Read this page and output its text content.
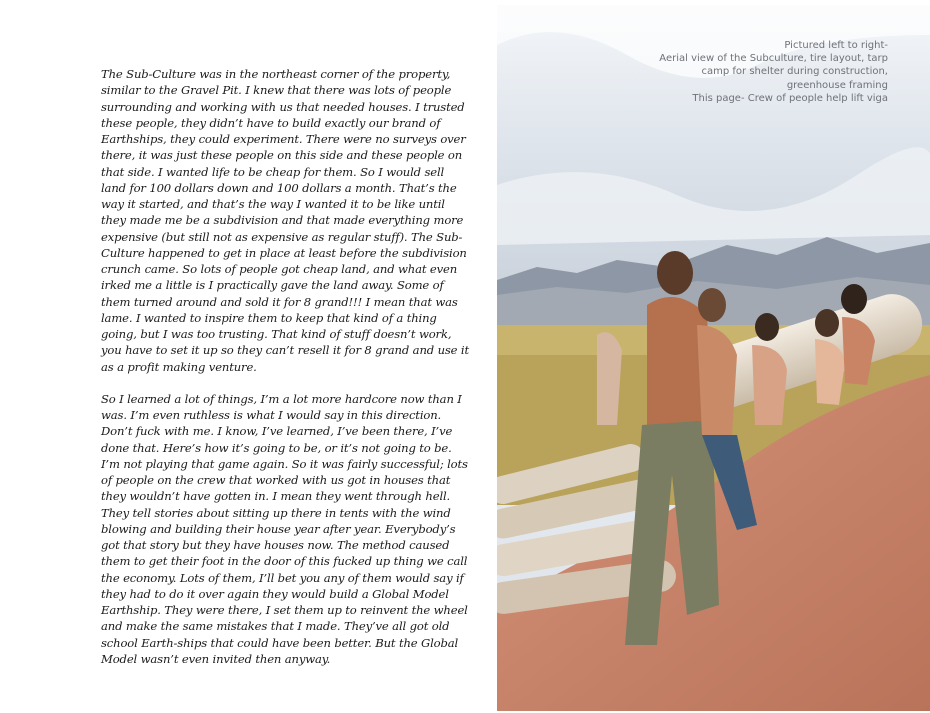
The Sub-Culture was in the northeast corner of the property, similar to the Gravel Pit. I knew that there was lots of people surrounding and working with us that needed houses. I trusted these people, they didn’t have to build exactly our brand of Earthships, they could experiment. There were no surveys over there, it was just these people on this side and these people on that side. I wanted life to be cheap for them. So I would sell land for 100 dollars down and 100 dollars a month. That’s the way it started, and that’s the way I wanted it to be like until they made me be a subdivision and that made everything more expensive (but still not as expensive as regular stuff). The Sub-Culture happened to get in place at least before the subdivision crunch came. So lots of people got cheap land, and what even irked me a little is I practically gave the land away. Some of them turned around and sold it for 8 grand!!! I mean that was lame. I wanted to inspire them to keep that kind of a thing going, but I was too trusting. That kind of stuff doesn’t work, you have to set it up so they can’t resell it for 8 grand and use it as a profit making venture.

So I learned a lot of things, I’m a lot more hardcore now than I was. I’m even ruthless is what I would say in this direction. Don’t fuck with me. I know, I’ve learned, I’ve been there, I’ve done that. Here’s how it’s going to be, or it’s not going to be. I’m not playing that game again. So it was fairly successful; lots of people on the crew that worked with us got in houses that they wouldn’t have gotten in. I mean they went through hell. They tell stories about sitting up there in tents with the wind blowing and building their house year after year. Everybody’s got that story but they have houses now. The method caused them to get their foot in the door of this fucked up thing we call the economy. Lots of them, I’ll bet you any of them would say if they had to do it over again they would build a Global Model Earthship. They were there, I set them up to reinvent the wheel and make the same mistakes that I made. They’ve all got old school Earth-ships that could have been better. But the Global Model wasn’t even invited then anyway.

Pictured left to right-
Aerial view of the Subculture, tire layout, tarp
camp for shelter during construction,
greenhouse framing
This page- Crew of people help lift viga
